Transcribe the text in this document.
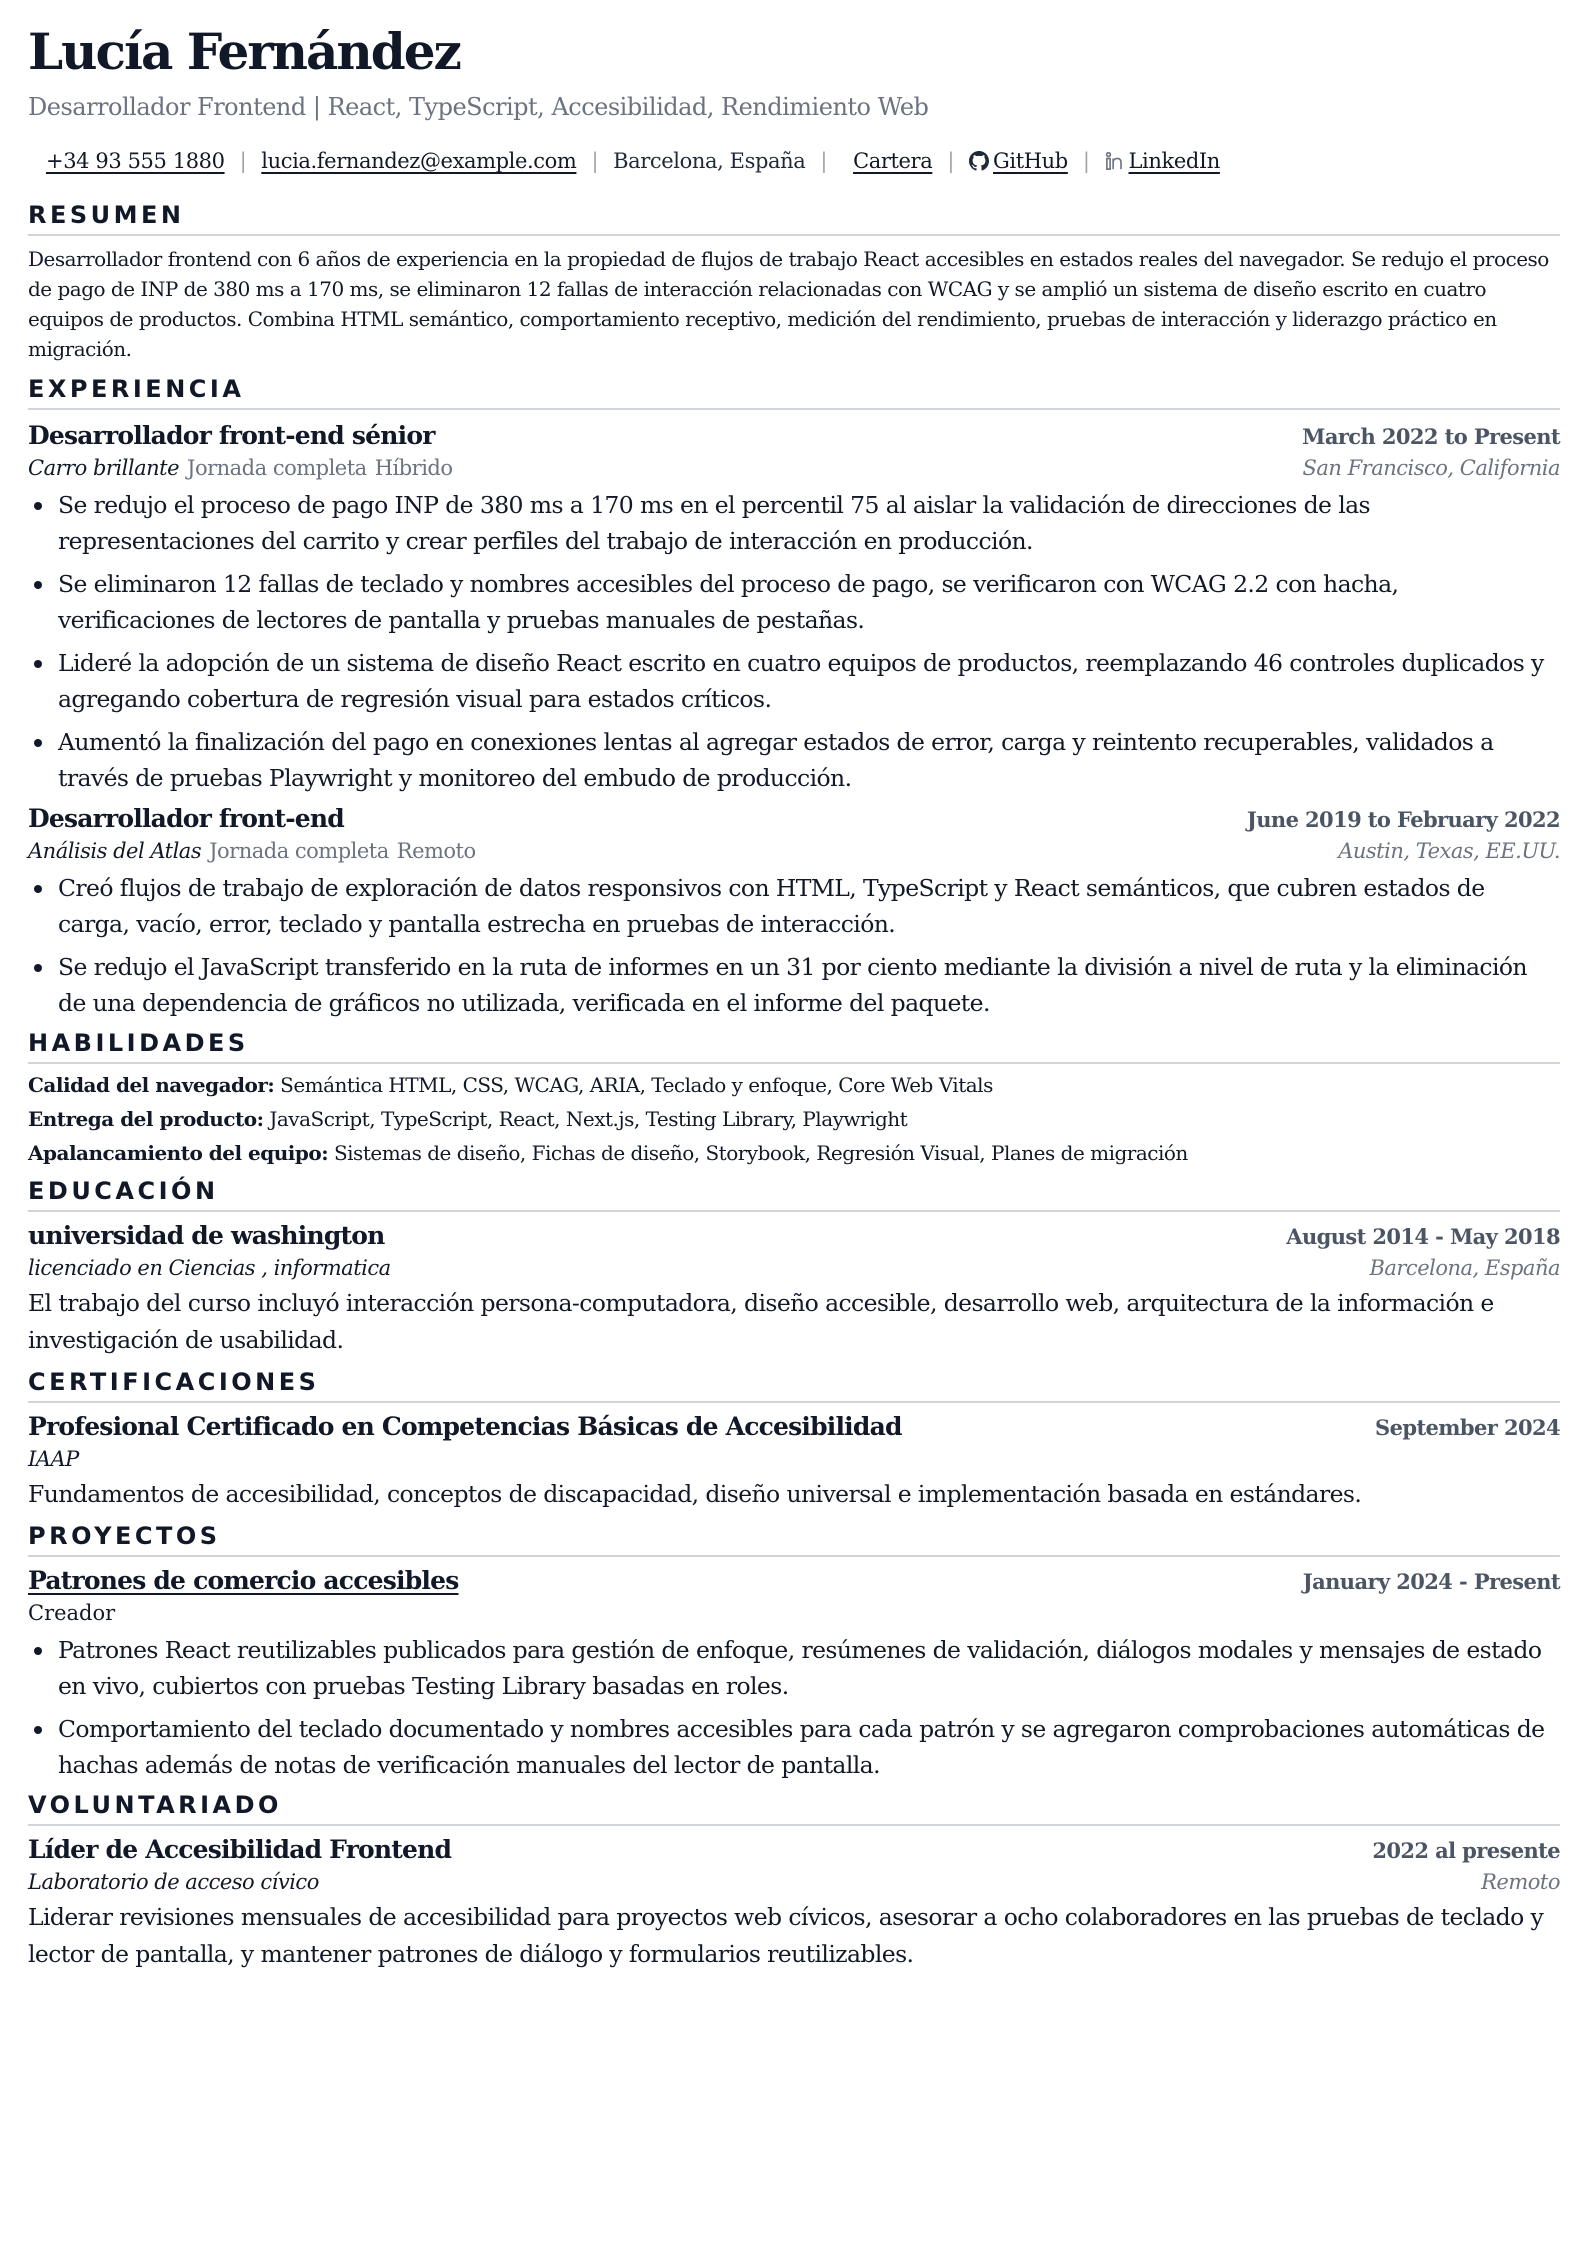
Lucía Fernández
Desarrollador Frontend | React, TypeScript, Accesibilidad, Rendimiento Web
+34 93 555 1880 | lucia.fernandez@example.com | Barcelona, España | Cartera | GitHub | LinkedIn
RESUMEN
Desarrollador frontend con 6 años de experiencia en la propiedad de flujos de trabajo React accesibles en estados reales del navegador. Se redujo el proceso de pago de INP de 380 ms a 170 ms, se eliminaron 12 fallas de interacción relacionadas con WCAG y se amplió un sistema de diseño escrito en cuatro equipos de productos. Combina HTML semántico, comportamiento receptivo, medición del rendimiento, pruebas de interacción y liderazgo práctico en migración.
EXPERIENCIA
Desarrollador front-end sénior	March 2022 to Present
Carro brillante Jornada completa Híbrido	San Francisco, California
Se redujo el proceso de pago INP de 380 ms a 170 ms en el percentil 75 al aislar la validación de direcciones de las representaciones del carrito y crear perfiles del trabajo de interacción en producción.
Se eliminaron 12 fallas de teclado y nombres accesibles del proceso de pago, se verificaron con WCAG 2.2 con hacha, verificaciones de lectores de pantalla y pruebas manuales de pestañas.
Lideré la adopción de un sistema de diseño React escrito en cuatro equipos de productos, reemplazando 46 controles duplicados y agregando cobertura de regresión visual para estados críticos.
Aumentó la finalización del pago en conexiones lentas al agregar estados de error, carga y reintento recuperables, validados a través de pruebas Playwright y monitoreo del embudo de producción.
Desarrollador front-end	June 2019 to February 2022
Análisis del Atlas Jornada completa Remoto	Austin, Texas, EE.UU.
Creó flujos de trabajo de exploración de datos responsivos con HTML, TypeScript y React semánticos, que cubren estados de carga, vacío, error, teclado y pantalla estrecha en pruebas de interacción.
Se redujo el JavaScript transferido en la ruta de informes en un 31 por ciento mediante la división a nivel de ruta y la eliminación de una dependencia de gráficos no utilizada, verificada en el informe del paquete.
HABILIDADES
Calidad del navegador: Semántica HTML, CSS, WCAG, ARIA, Teclado y enfoque, Core Web Vitals
Entrega del producto: JavaScript, TypeScript, React, Next.js, Testing Library, Playwright
Apalancamiento del equipo: Sistemas de diseño, Fichas de diseño, Storybook, Regresión Visual, Planes de migración
EDUCACIÓN
universidad de washington	August 2014 - May 2018
licenciado en Ciencias , informatica	Barcelona, España
El trabajo del curso incluyó interacción persona-computadora, diseño accesible, desarrollo web, arquitectura de la información e investigación de usabilidad.
CERTIFICACIONES
Profesional Certificado en Competencias Básicas de Accesibilidad	September 2024
IAAP
Fundamentos de accesibilidad, conceptos de discapacidad, diseño universal e implementación basada en estándares.
PROYECTOS
Patrones de comercio accesibles	January 2024 - Present
Creador
Patrones React reutilizables publicados para gestión de enfoque, resúmenes de validación, diálogos modales y mensajes de estado en vivo, cubiertos con pruebas Testing Library basadas en roles.
Comportamiento del teclado documentado y nombres accesibles para cada patrón y se agregaron comprobaciones automáticas de hachas además de notas de verificación manuales del lector de pantalla.
VOLUNTARIADO
Líder de Accesibilidad Frontend	2022 al presente
Laboratorio de acceso cívico	Remoto
Liderar revisiones mensuales de accesibilidad para proyectos web cívicos, asesorar a ocho colaboradores en las pruebas de teclado y lector de pantalla, y mantener patrones de diálogo y formularios reutilizables.
